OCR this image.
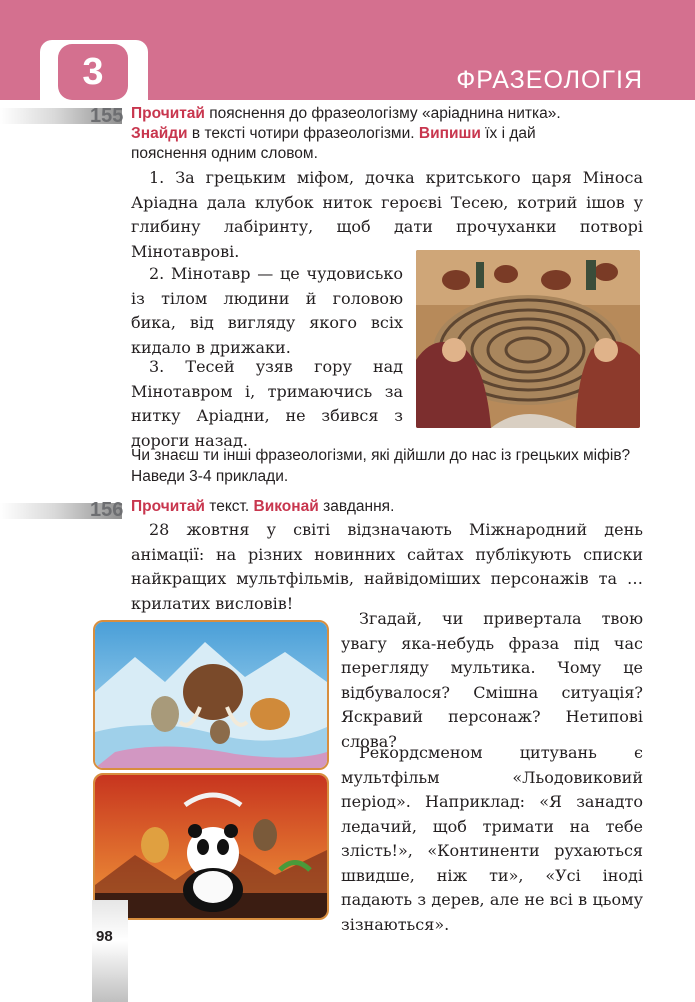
3	ФРАЗЕОЛОГІЯ
155 Прочитай пояснення до фразеологізму «аріаднина нитка».

Знайди в тексті чотири фразеологізми. Випиши їх і дай

пояснення одним словом.

1. За грецьким міфом, дочка критського царя Міноса Аріадна дала клубок ниток героєві Тесею, котрий ішов у глибину лабіринту, щоб дати прочуханки потворі Мінотаврові.

2. Мінотавр — це чудовисько із тілом людини й головою бика, від вигляду якого всіх кидало в дрижаки.

3. Тесей узяв гору над Мінотавром і, тримаючись за нитку Аріадни, не збився з дороги назад.

Чи знаєш ти інші фразеологізми, які дійшли до нас із грецьких міфів? Наведи 3-4 приклади.

156 Прочитай текст. Виконай завдання.

28 жовтня у світі відзначають Міжнародний день анімації: на різних новинних сайтах публікують списки найкращих мультфільмів, найвідоміших персонажів та … крилатих висловів!

Згадай, чи привертала твою увагу яка-небудь фраза під час перегляду мультика. Чому це відбувалося? Смішна ситуація? Яскравий персонаж? Нетипові слова?

Рекордсменом цитувань є мультфільм «Льодовиковий період». Наприклад: «Я занадто ледачий, щоб тримати на тебе злість!», «Континенти рухаються швидше, ніж ти», «Усі іноді падають з дерев, але не всі в цьому зізнаються».

98
